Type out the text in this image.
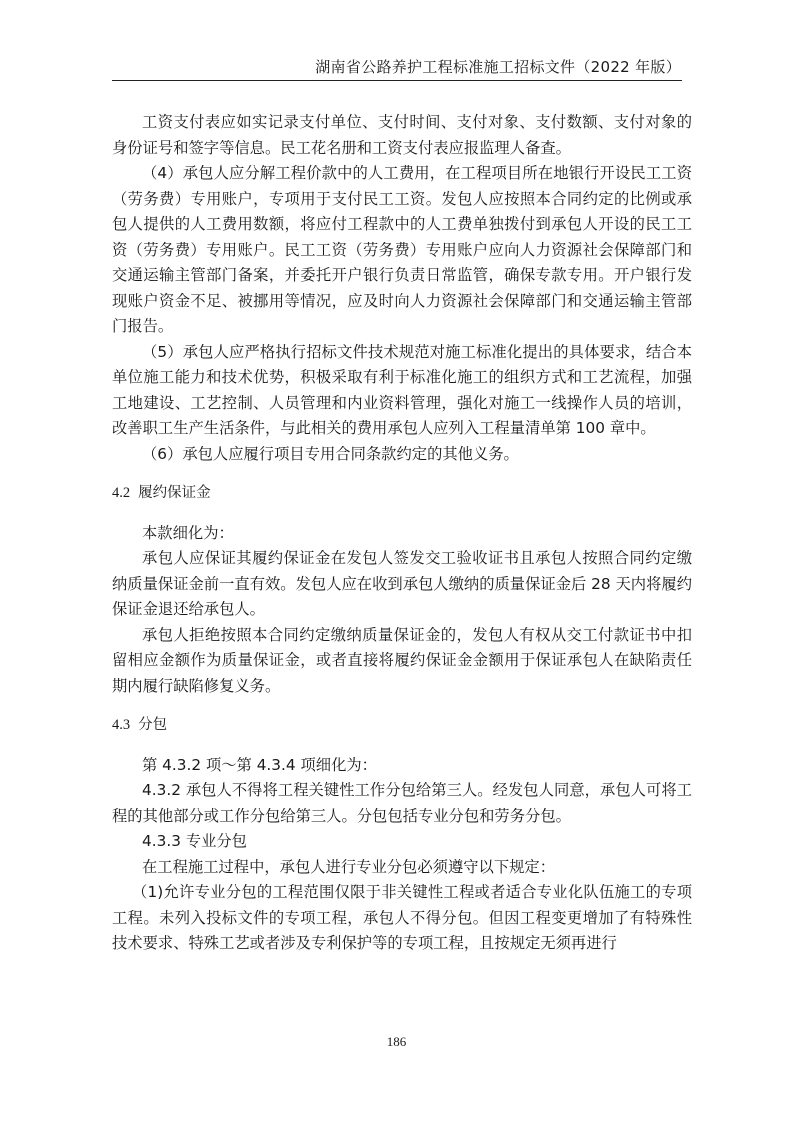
湖南省公路养护工程标准施工招标文件（2022 年版）

工资支付表应如实记录支付单位、支付时间、支付对象、支付数额、支付对象的身份证号和签字等信息。民工花名册和工资支付表应报监理人备查。

（4）承包人应分解工程价款中的人工费用，在工程项目所在地银行开设民工工资（劳务费）专用账户，专项用于支付民工工资。发包人应按照本合同约定的比例或承包人提供的人工费用数额，将应付工程款中的人工费单独拨付到承包人开设的民工工资（劳务费）专用账户。民工工资（劳务费）专用账户应向人力资源社会保障部门和交通运输主管部门备案，并委托开户银行负责日常监管，确保专款专用。开户银行发现账户资金不足、被挪用等情况，应及时向人力资源社会保障部门和交通运输主管部门报告。

（5）承包人应严格执行招标文件技术规范对施工标准化提出的具体要求，结合本单位施工能力和技术优势，积极采取有利于标准化施工的组织方式和工艺流程，加强工地建设、工艺控制、人员管理和内业资料管理，强化对施工一线操作人员的培训，改善职工生产生活条件，与此相关的费用承包人应列入工程量清单第 100 章中。

（6）承包人应履行项目专用合同条款约定的其他义务。

4.2 履约保证金

本款细化为：

承包人应保证其履约保证金在发包人签发交工验收证书且承包人按照合同约定缴纳质量保证金前一直有效。发包人应在收到承包人缴纳的质量保证金后 28 天内将履约保证金退还给承包人。

承包人拒绝按照本合同约定缴纳质量保证金的，发包人有权从交工付款证书中扣留相应金额作为质量保证金，或者直接将履约保证金金额用于保证承包人在缺陷责任期内履行缺陷修复义务。

4.3 分包

第 4.3.2 项～第 4.3.4 项细化为：

4.3.2 承包人不得将工程关键性工作分包给第三人。经发包人同意，承包人可将工程的其他部分或工作分包给第三人。分包包括专业分包和劳务分包。

4.3.3 专业分包

在工程施工过程中，承包人进行专业分包必须遵守以下规定：

（1)允许专业分包的工程范围仅限于非关键性工程或者适合专业化队伍施工的专项工程。未列入投标文件的专项工程，承包人不得分包。但因工程变更增加了有特殊性技术要求、特殊工艺或者涉及专利保护等的专项工程，且按规定无须再进行

186
